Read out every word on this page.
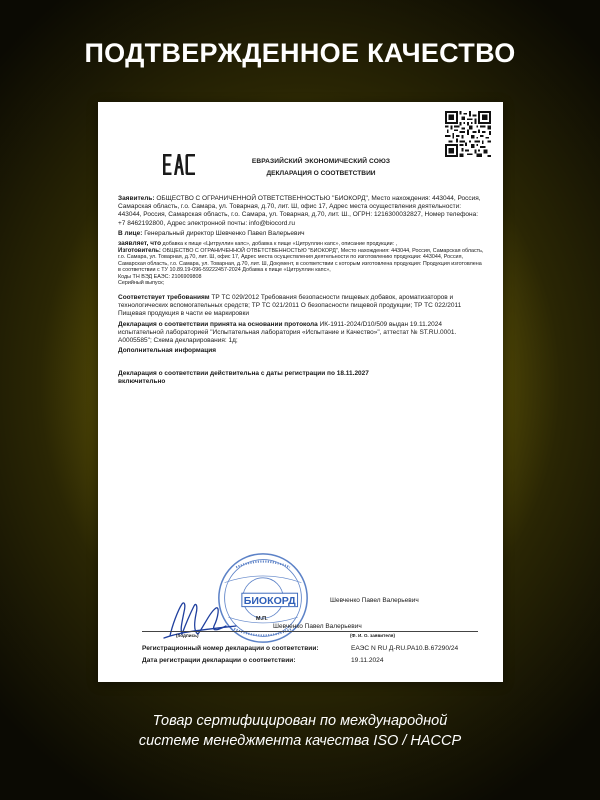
ПОДТВЕРЖДЕННОЕ КАЧЕСТВО
ЕВРАЗИЙСКИЙ ЭКОНОМИЧЕСКИЙ СОЮЗ
ДЕКЛАРАЦИЯ О СООТВЕТСТВИИ
Заявитель: ОБЩЕСТВО С ОГРАНИЧЕННОЙ ОТВЕТСТВЕННОСТЬЮ "БИОКОРД", Место нахождения: 443044, Россия, Самарская область, г.о. Самара, ул. Товарная, д.70, лит. Ш, офис 17, Адрес места осуществления деятельности: 443044, Россия, Самарская область, г.о. Самара, ул. Товарная, д.70, лит. Ш., ОГРН: 1216300032827, Номер телефона: +7 8462192800, Адрес электронной почты: info@biocord.ru
В лице: Генеральный директор Шевченко Павел Валерьевич
заявляет, что добавка к пище «Цитруллин капс», добавка к пище «Цитруллин капс», описание продукции: ,
Изготовитель: ОБЩЕСТВО С ОГРАНИЧЕННОЙ ОТВЕТСТВЕННОСТЬЮ "БИОКОРД", Место нахождения: 443044, Россия, Самарская область, г.о. Самара, ул. Товарная, д.70, лит. Ш, офис 17, Адрес места осуществления деятельности по изготовлению продукции: 443044, Россия, Самарская область, г.о. Самара, ул. Товарная, д.70, лит. Ш, Документ, в соответствии с которым изготовлена продукция: Продукция изготовлена в соответствии с ТУ 10.89.19-096-59222457-2024 Добавка к пище «Цитруллин капс»,
Коды ТН ВЭД ЕАЭС: 2106909808
Серийный выпуск;
Соответствует требованиям ТР ТС 029/2012 Требования безопасности пищевых добавок, ароматизаторов и технологических вспомогательных средств; ТР ТС 021/2011 О безопасности пищевой продукции; ТР ТС 022/2011 Пищевая продукция в части ее маркировки
Декларация о соответствии принята на основании протокола ИК-1911-2024/D10/509 выдан 19.11.2024 испытательной лабораторией "Испытательная лаборатория «Испытание и Качество»", аттестат № ST.RU.0001. A0005585"; Схема декларирования: 1д;
Дополнительная информация
Декларация о соответствии действительна с даты регистрации по 18.11.2027
включительно
БИОКОРД	Шевченко Павел Валерьевич
М.П.
Шевченко Павел Валерьевич
(подпись)	(Ф. И. О. заявителя)
Регистрационный номер декларации о соответствии:	ЕАЭС N RU Д-RU.PA10.B.67290/24
Дата регистрации декларации о соответствии:	19.11.2024
Товар сертифицирован по международной
системе менеджмента качества ISO / HACCP
